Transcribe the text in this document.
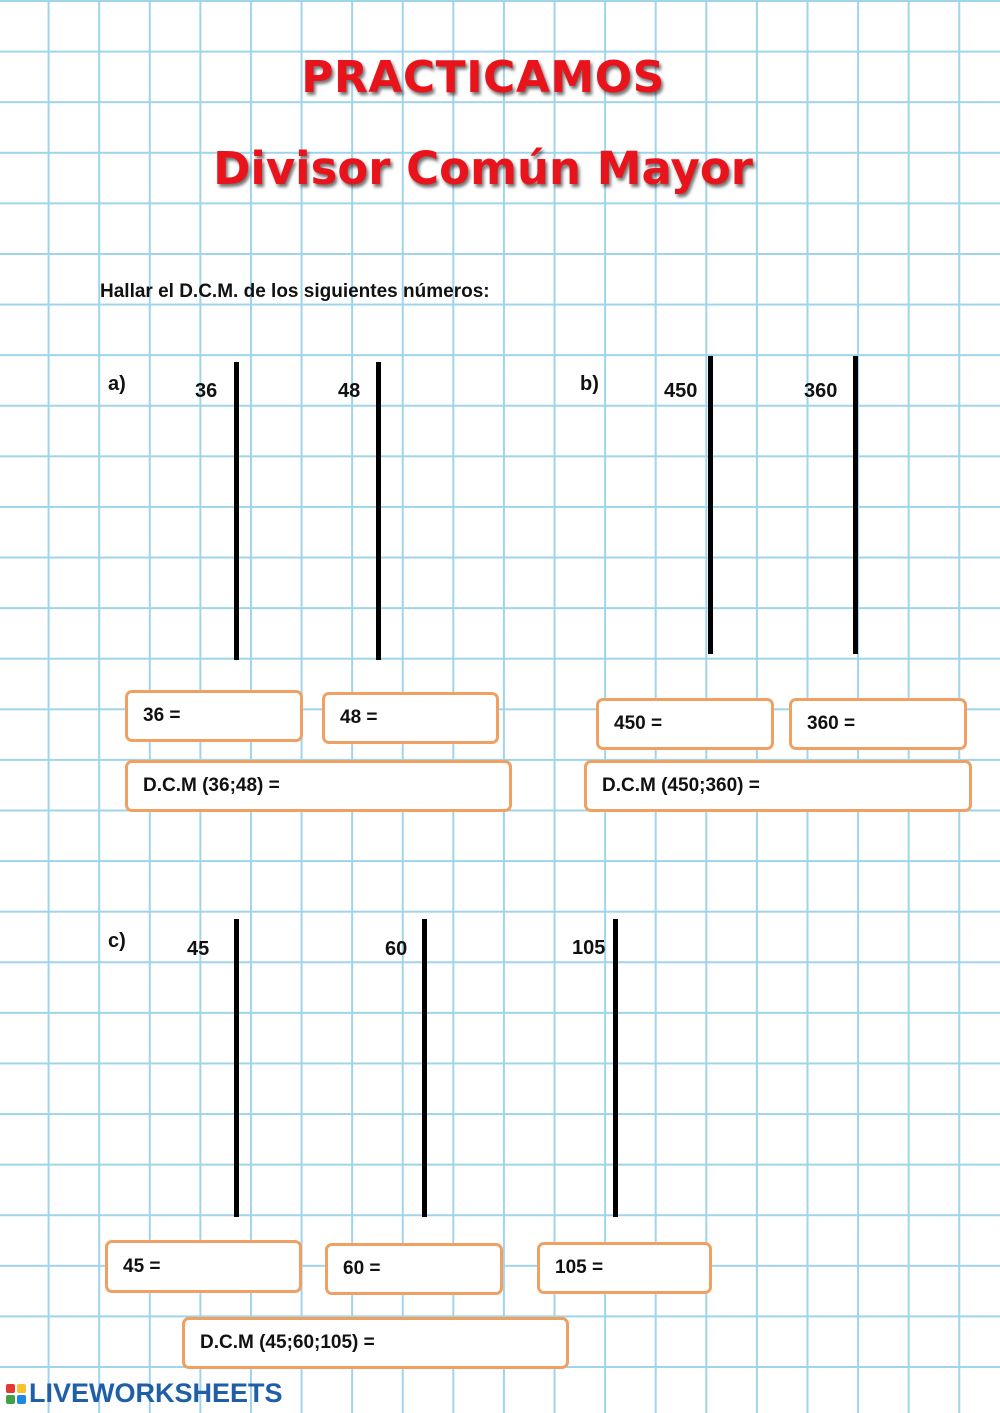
PRACTICAMOS
Divisor Común Mayor
Hallar el D.C.M. de los siguientes números:
a)	36	48
36 =	48 =
D.C.M (36;48) =
b)	450	360
450 =	360 =
D.C.M (450;360) =
c)	45	60	105
45 =	60 =	105 =
D.C.M (45;60;105) =
LIVEWORKSHEETS
